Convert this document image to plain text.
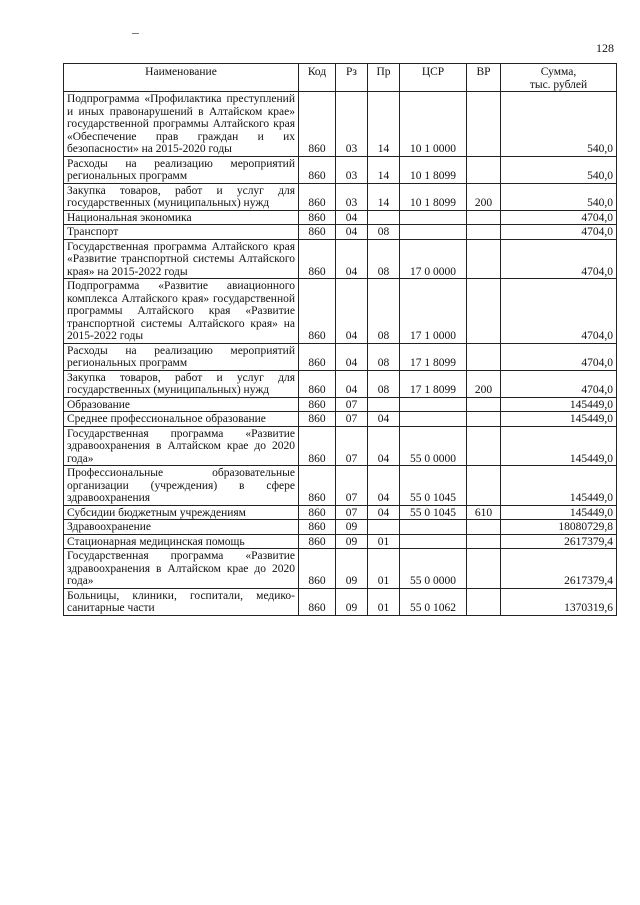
128
Наименование	Код	Рз	Пр	ЦСР	ВР	Сумма,
тыс. рублей

Подпрограмма «Профилактика преступлений и иных правонарушений в Алтайском крае» государственной программы Алтайского края «Обеспечение прав граждан и их безопасности» на 2015-2020 годы	860	03	14	10 1 0000		540,0
Расходы на реализацию мероприятий региональных программ	860	03	14	10 1 8099		540,0
Закупка товаров, работ и услуг для государственных (муниципальных) нужд	860	03	14	10 1 8099	200	540,0
Национальная экономика	860	04				4704,0
Транспорт	860	04	08			4704,0
Государственная программа Алтайского края «Развитие транспортной системы Алтайского края» на 2015-2022 годы	860	04	08	17 0 0000		4704,0
Подпрограмма «Развитие авиационного комплекса Алтайского края» государственной программы Алтайского края «Развитие транспортной системы Алтайского края» на 2015-2022 годы	860	04	08	17 1 0000		4704,0
Расходы на реализацию мероприятий региональных программ	860	04	08	17 1 8099		4704,0
Закупка товаров, работ и услуг для государственных (муниципальных) нужд	860	04	08	17 1 8099	200	4704,0
Образование	860	07				145449,0
Среднее профессиональное образование	860	07	04			145449,0
Государственная программа «Развитие здравоохранения в Алтайском крае до 2020 года»	860	07	04	55 0 0000		145449,0
Профессиональные образовательные организации (учреждения) в сфере здравоохранения	860	07	04	55 0 1045		145449,0
Субсидии бюджетным учреждениям	860	07	04	55 0 1045	610	145449,0
Здравоохранение	860	09				18080729,8
Стационарная медицинская помощь	860	09	01			2617379,4
Государственная программа «Развитие здравоохранения в Алтайском крае до 2020 года»	860	09	01	55 0 0000		2617379,4
Больницы, клиники, госпитали, медико-санитарные части	860	09	01	55 0 1062		1370319,6
